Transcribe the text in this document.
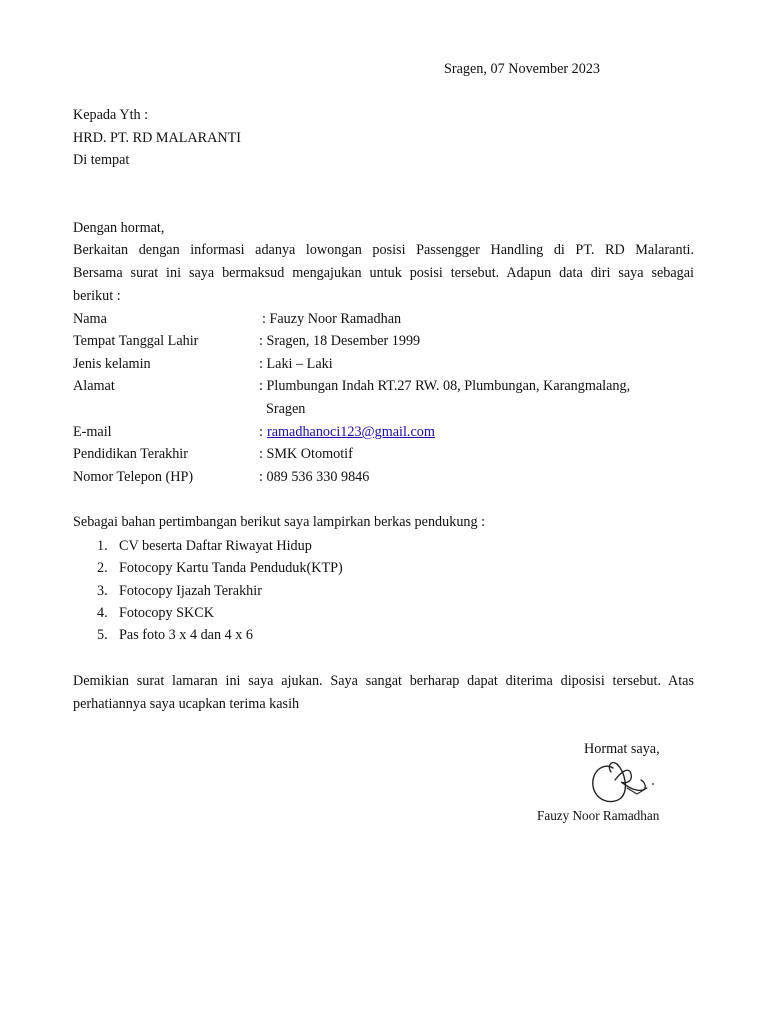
Sragen, 07 November 2023
Kepada Yth :
HRD. PT. RD MALARANTI
Di tempat
Dengan hormat,
Berkaitan dengan informasi adanya lowongan posisi Passengger Handling di PT. RD Malaranti.
Bersama surat ini saya bermaksud mengajukan untuk posisi tersebut. Adapun data diri saya sebagai
berikut :
Nama	: Fauzy Noor Ramadhan
Tempat Tanggal Lahir	: Sragen, 18 Desember 1999
Jenis kelamin	: Laki – Laki
Alamat	: Plumbungan Indah RT.27 RW. 08, Plumbungan, Karangmalang,
Sragen
E-mail	: ramadhanoci123@gmail.com
Pendidikan Terakhir	: SMK Otomotif
Nomor Telepon (HP)	: 089 536 330 9846
Sebagai bahan pertimbangan berikut saya lampirkan berkas pendukung :
1. CV beserta Daftar Riwayat Hidup
2. Fotocopy Kartu Tanda Penduduk(KTP)
3. Fotocopy Ijazah Terakhir
4. Fotocopy SKCK
5. Pas foto 3 x 4 dan 4 x 6
Demikian surat lamaran ini saya ajukan. Saya sangat berharap dapat diterima diposisi tersebut. Atas
perhatiannya saya ucapkan terima kasih
Hormat saya,
Fauzy Noor Ramadhan
